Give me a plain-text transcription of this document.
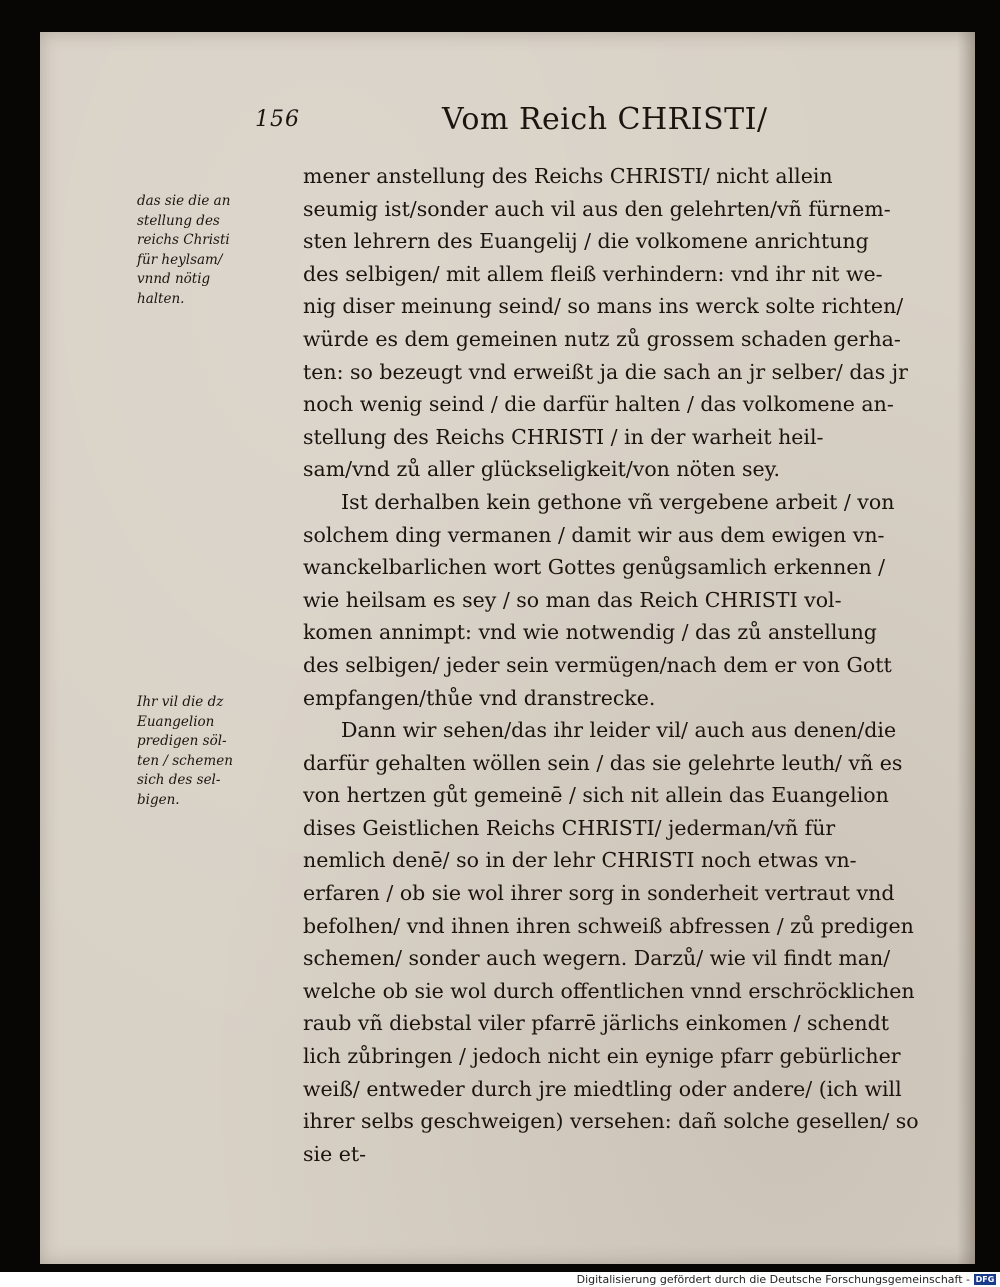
156	Vom Reich CHRISTI/
das sie die an
stellung des
reichs Christi
für heylsam/
vnnd nötig
halten.
Ihr vil die dz
Euangelion
predigen söl-
ten / schemen
sich des sel-
bigen.
mener anstellung des Reichs CHRISTI/ nicht allein
seumig ist/sonder auch vil aus den gelehrten/vñ fürnem-
sten lehrern des Euangelij / die volkomene anrichtung
des selbigen/ mit allem fleiß verhindern: vnd ihr nit we-
nig diser meinung seind/ so mans ins werck solte richten/
würde es dem gemeinen nutz zů grossem schaden gerha-
ten: so bezeugt vnd erweißt ja die sach an jr selber/ das jr
noch wenig seind / die darfür halten / das volkomene an-
stellung des Reichs CHRISTI / in der warheit heil-
sam/vnd zů aller glückseligkeit/von nöten sey.
Ist derhalben kein gethone vñ vergebene arbeit / von
solchem ding vermanen / damit wir aus dem ewigen vn-
wanckelbarlichen wort Gottes genůgsamlich erkennen /
wie heilsam es sey / so man das Reich CHRISTI vol-
komen annimpt: vnd wie notwendig / das zů anstellung
des selbigen/ jeder sein vermügen/nach dem er von Gott
empfangen/thůe vnd dranstrecke.
Dann wir sehen/das ihr leider vil/ auch aus denen/die
darfür gehalten wöllen sein / das sie gelehrte leuth/ vñ es
von hertzen gůt gemeinē / sich nit allein das Euangelion
dises Geistlichen Reichs CHRISTI/ jederman/vñ für
nemlich denē/ so in der lehr CHRISTI noch etwas vn-
erfaren / ob sie wol ihrer sorg in sonderheit vertraut vnd
befolhen/ vnd ihnen ihren schweiß abfressen / zů predigen
schemen/ sonder auch wegern. Darzů/ wie vil findt man/
welche ob sie wol durch offentlichen vnnd erschröcklichen
raub vñ diebstal viler pfarrē järlichs einkomen / schendt
lich zůbringen / jedoch nicht ein eynige pfarr gebürlicher
weiß/ entweder durch jre miedtling oder andere/ (ich will
ihrer selbs geschweigen) versehen: dañ solche gesellen/ so
sie et-
Digitalisierung gefördert durch die Deutsche Forschungsgemeinschaft - DFG
